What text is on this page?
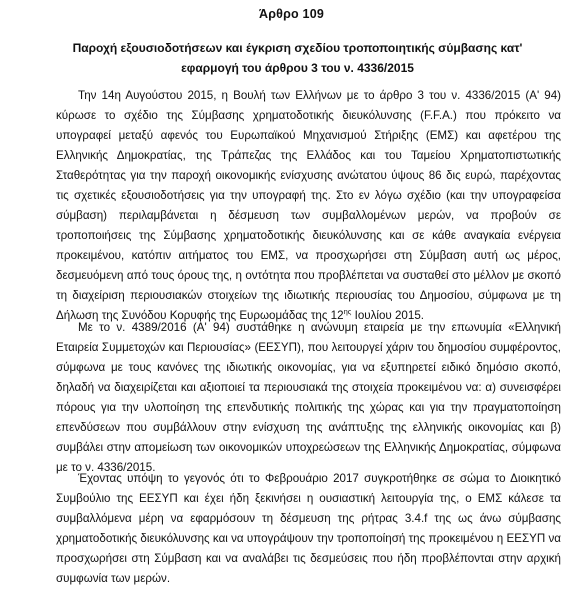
Άρθρο 109
Παροχή εξουσιοδοτήσεων και έγκριση σχεδίου τροποποιητικής σύμβασης κατ' εφαρμογή του άρθρου 3 του ν. 4336/2015

Την 14η Αυγούστου 2015, η Βουλή των Ελλήνων με το άρθρο 3 του ν. 4336/2015 (Α' 94) κύρωσε το σχέδιο της Σύμβασης χρηματοδοτικής διευκόλυνσης (F.F.A.) που πρόκειτο να υπογραφεί μεταξύ αφενός του Ευρωπαϊκού Μηχανισμού Στήριξης (ΕΜΣ) και αφετέρου της Ελληνικής Δημοκρατίας, της Τράπεζας της Ελλάδος και του Ταμείου Χρηματοπιστωτικής Σταθερότητας για την παροχή οικονομικής ενίσχυσης ανώτατου ύψους 86 δις ευρώ, παρέχοντας τις σχετικές εξουσιοδοτήσεις για την υπογραφή της. Στο εν λόγω σχέδιο (και την υπογραφείσα σύμβαση) περιλαμβάνεται η δέσμευση των συμβαλλομένων μερών, να προβούν σε τροποποιήσεις της Σύμβασης χρηματοδοτικής διευκόλυνσης και σε κάθε αναγκαία ενέργεια προκειμένου, κατόπιν αιτήματος του ΕΜΣ, να προσχωρήσει στη Σύμβαση αυτή ως μέρος, δεσμευόμενη από τους όρους της, η οντότητα που προβλέπεται να συσταθεί στο μέλλον με σκοπό τη διαχείριση περιουσιακών στοιχείων της ιδιωτικής περιουσίας του Δημοσίου, σύμφωνα με τη Δήλωση της Συνόδου Κορυφής της Ευρωομάδας της $12^{\eta\varsigma}$ Ιουλίου 2015.

Με το ν. 4389/2016 (Α' 94) συστάθηκε η ανώνυμη εταιρεία με την επωνυμία «Ελληνική Εταιρεία Συμμετοχών και Περιουσίας» (ΕΕΣΥΠ), που λειτουργεί χάριν του δημοσίου συμφέροντος, σύμφωνα με τους κανόνες της ιδιωτικής οικονομίας, για να εξυπηρετεί ειδικό δημόσιο σκοπό, δηλαδή να διαχειρίζεται και αξιοποιεί τα περιουσιακά της στοιχεία προκειμένου να: α) συνεισφέρει πόρους για την υλοποίηση της επενδυτικής πολιτικής της χώρας και για την πραγματοποίηση επενδύσεων που συμβάλλουν στην ενίσχυση της ανάπτυξης της ελληνικής οικονομίας και β) συμβάλει στην απομείωση των οικονομικών υποχρεώσεων της Ελληνικής Δημοκρατίας, σύμφωνα με το ν. 4336/2015.

Έχοντας υπόψη το γεγονός ότι το Φεβρουάριο 2017 συγκροτήθηκε σε σώμα το Διοικητικό Συμβούλιο της ΕΕΣΥΠ και έχει ήδη ξεκινήσει η ουσιαστική λειτουργία της, ο ΕΜΣ κάλεσε τα συμβαλλόμενα μέρη να εφαρμόσουν τη δέσμευση της ρήτρας 3.4.f της ως άνω σύμβασης χρηματοδοτικής διευκόλυνσης και να υπογράψουν την τροποποίησή της προκειμένου η ΕΕΣΥΠ να προσχωρήσει στη Σύμβαση και να αναλάβει τις δεσμεύσεις που ήδη προβλέπονται στην αρχική συμφωνία των μερών.
